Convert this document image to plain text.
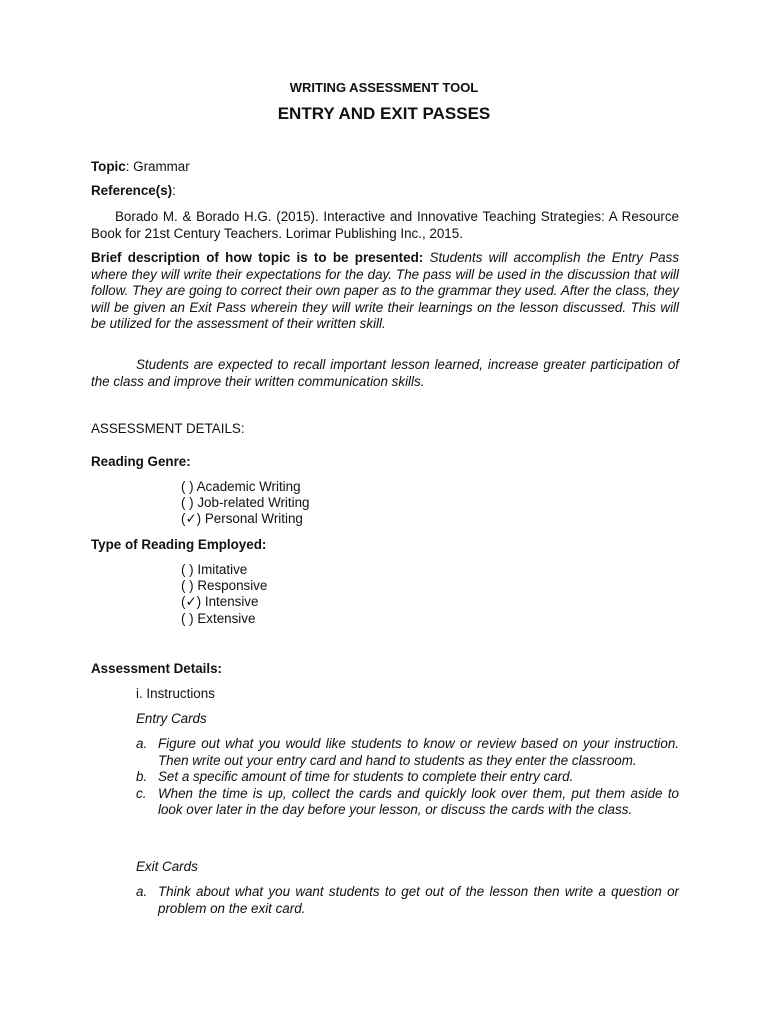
WRITING ASSESSMENT TOOL
ENTRY AND EXIT PASSES
Topic: Grammar
Reference(s):
Borado M. & Borado H.G. (2015). Interactive and Innovative Teaching Strategies: A Resource Book for 21st Century Teachers. Lorimar Publishing Inc., 2015.
Brief description of how topic is to be presented: Students will accomplish the Entry Pass where they will write their expectations for the day. The pass will be used in the discussion that will follow. They are going to correct their own paper as to the grammar they used. After the class, they will be given an Exit Pass wherein they will write their learnings on the lesson discussed. This will be utilized for the assessment of their written skill.
Students are expected to recall important lesson learned, increase greater participation of the class and improve their written communication skills.
ASSESSMENT DETAILS:
Reading Genre:
( ) Academic Writing
( ) Job-related Writing
(✓) Personal Writing
Type of Reading Employed:
( ) Imitative
( ) Responsive
(✓) Intensive
( ) Extensive
Assessment Details:
i. Instructions
Entry Cards
a. Figure out what you would like students to know or review based on your instruction. Then write out your entry card and hand to students as they enter the classroom.
b. Set a specific amount of time for students to complete their entry card.
c. When the time is up, collect the cards and quickly look over them, put them aside to look over later in the day before your lesson, or discuss the cards with the class.
Exit Cards
a. Think about what you want students to get out of the lesson then write a question or problem on the exit card.
